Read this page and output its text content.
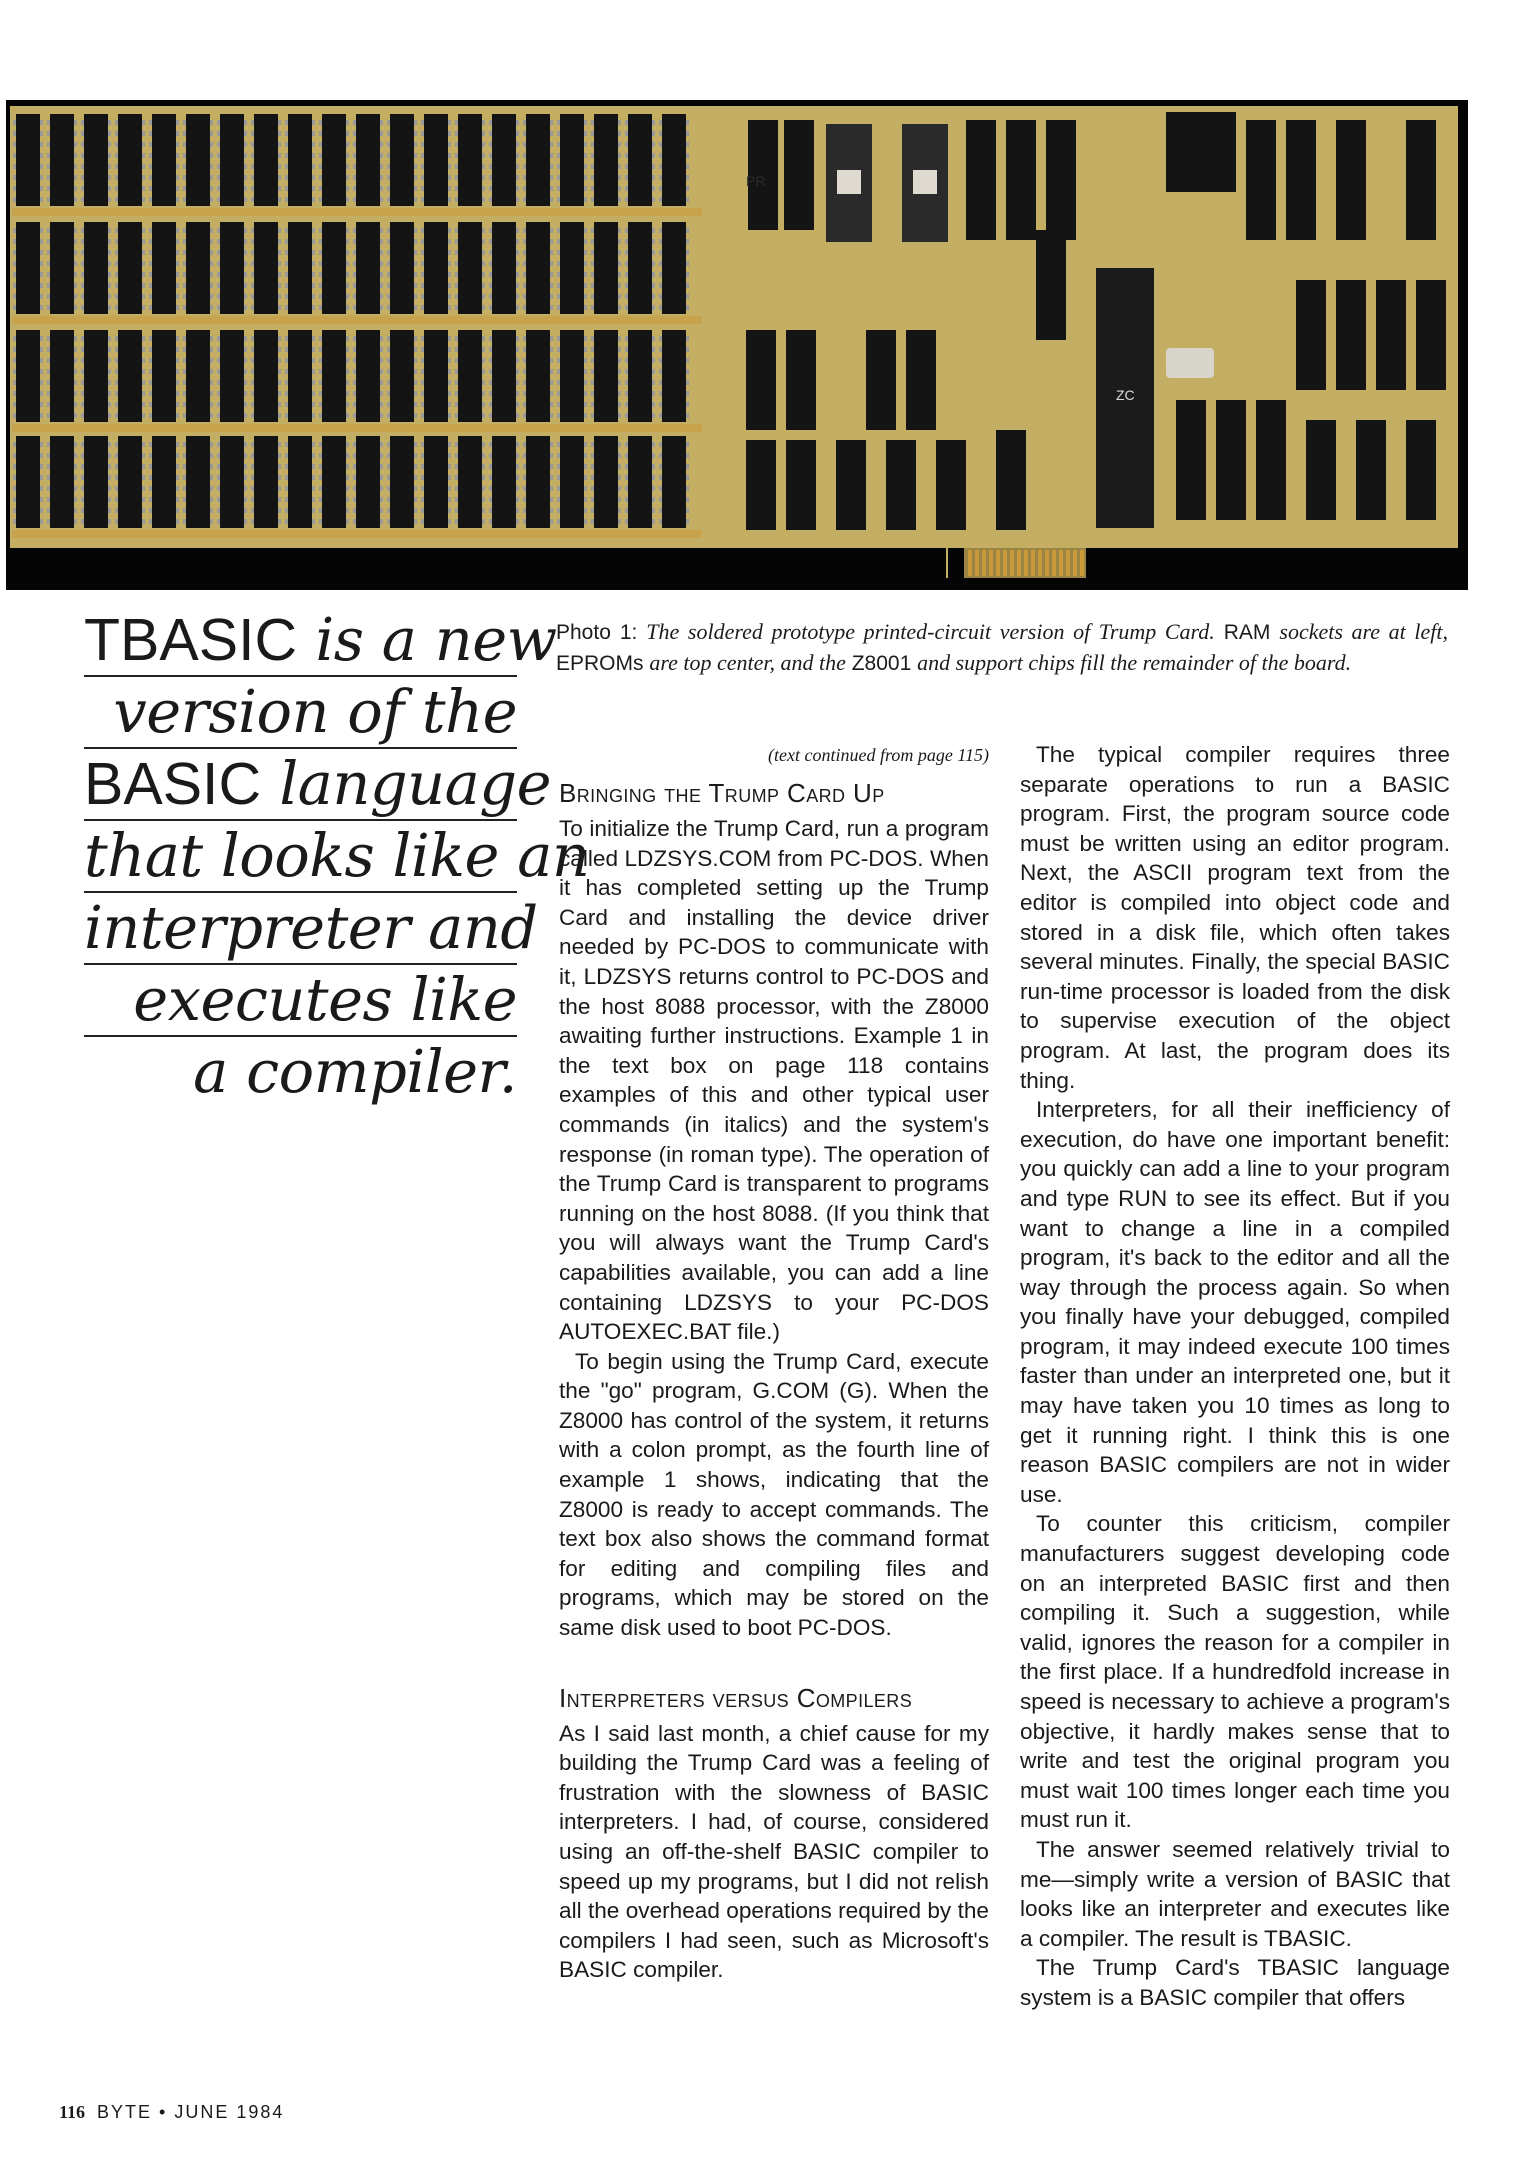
PR
ZC
TBASIC is a new
version of the
BASIC language
that looks like an
interpreter and
executes like
a compiler.
Photo 1: The soldered prototype printed-circuit version of Trump Card. RAM sockets are at left, EPROMs are top center, and the Z8001 and support chips fill the remainder of the board.
(text continued from page 115)
Bringing the Trump Card Up

To initialize the Trump Card, run a program called LDZSYS.COM from PC-DOS. When it has completed setting up the Trump Card and installing the device driver needed by PC-DOS to communicate with it, LDZSYS returns control to PC-DOS and the host 8088 processor, with the Z8000 awaiting further instructions. Example 1 in the text box on page 118 contains examples of this and other typical user commands (in italics) and the system's response (in roman type). The operation of the Trump Card is transparent to programs running on the host 8088. (If you think that you will always want the Trump Card's capabilities available, you can add a line containing LDZSYS to your PC-DOS AUTOEXEC.BAT file.)

To begin using the Trump Card, execute the "go" program, G.COM (G). When the Z8000 has control of the system, it returns with a colon prompt, as the fourth line of example 1 shows, indicating that the Z8000 is ready to accept commands. The text box also shows the command format for editing and compiling files and programs, which may be stored on the same disk used to boot PC-DOS.

Interpreters versus Compilers

As I said last month, a chief cause for my building the Trump Card was a feeling of frustration with the slowness of BASIC interpreters. I had, of course, considered using an off-the-shelf BASIC compiler to speed up my programs, but I did not relish all the overhead operations required by the compilers I had seen, such as Microsoft's BASIC compiler.

The typical compiler requires three separate operations to run a BASIC program. First, the program source code must be written using an editor program. Next, the ASCII program text from the editor is compiled into object code and stored in a disk file, which often takes several minutes. Finally, the special BASIC run-time processor is loaded from the disk to supervise execution of the object program. At last, the program does its thing.

Interpreters, for all their inefficiency of execution, do have one important benefit: you quickly can add a line to your program and type RUN to see its effect. But if you want to change a line in a compiled program, it's back to the editor and all the way through the process again. So when you finally have your debugged, compiled program, it may indeed execute 100 times faster than under an interpreted one, but it may have taken you 10 times as long to get it running right. I think this is one reason BASIC compilers are not in wider use.

To counter this criticism, compiler manufacturers suggest developing code on an interpreted BASIC first and then compiling it. Such a suggestion, while valid, ignores the reason for a compiler in the first place. If a hundredfold increase in speed is necessary to achieve a program's objective, it hardly makes sense that to write and test the original program you must wait 100 times longer each time you must run it.

The answer seemed relatively trivial to me—simply write a version of BASIC that looks like an interpreter and executes like a compiler. The result is TBASIC.

The Trump Card's TBASIC language system is a BASIC compiler that offers

116 BYTE • JUNE 1984
